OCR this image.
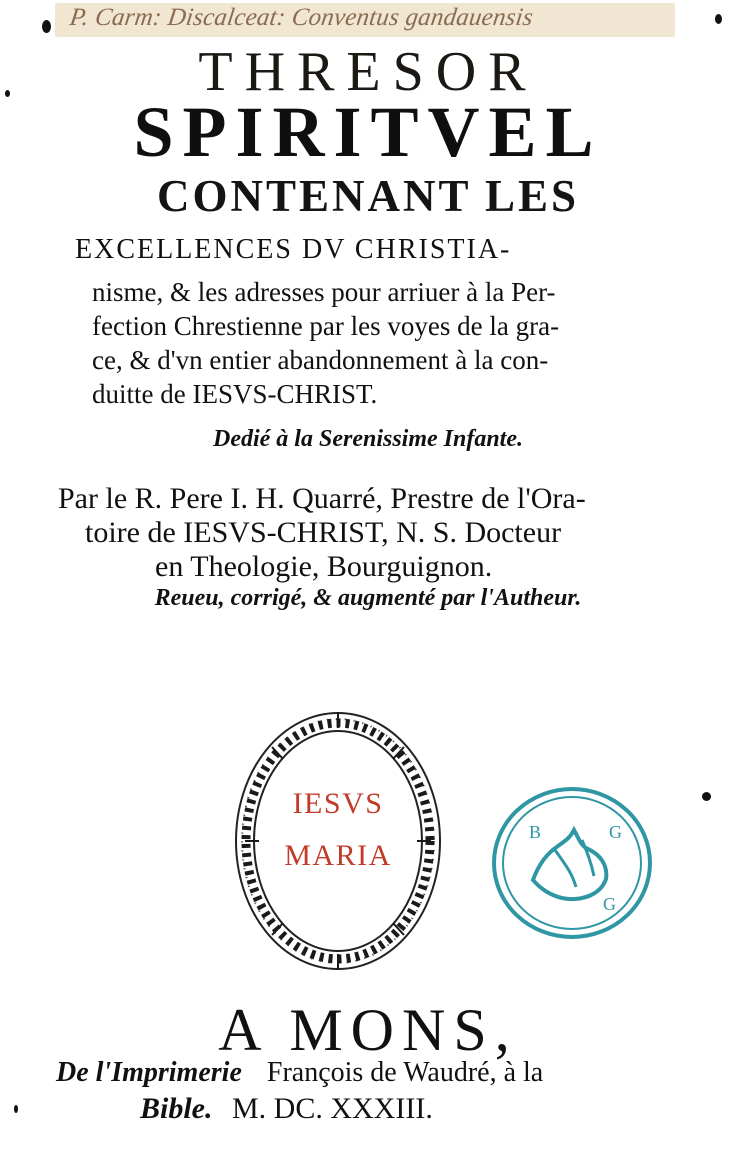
P. Carm: Discalceat: Conventus gandauensis
THRESOR
SPIRITVEL
CONTENANT LES
EXCELLENCES DV CHRISTIA-
nisme, & les adresses pour arriuer à la Per-
fection Chrestienne par les voyes de la gra-
ce, & d'vn entier abandonnement à la con-
duitte de IESVS-CHRIST.
Dedié à la Serenissime Infante.
Par le R. Pere I. H. Quarré, Prestre de l'Ora-
toire de IESVS-CHRIST, N. S. Docteur
en Theologie, Bourguignon.
Reueu, corrigé, & augmenté par l'Autheur.
IESVS
MARIA
B	G
G
A MONS,
De l'Imprimerie François de Waudré, à la
Bible. M. DC. XXXIII.
